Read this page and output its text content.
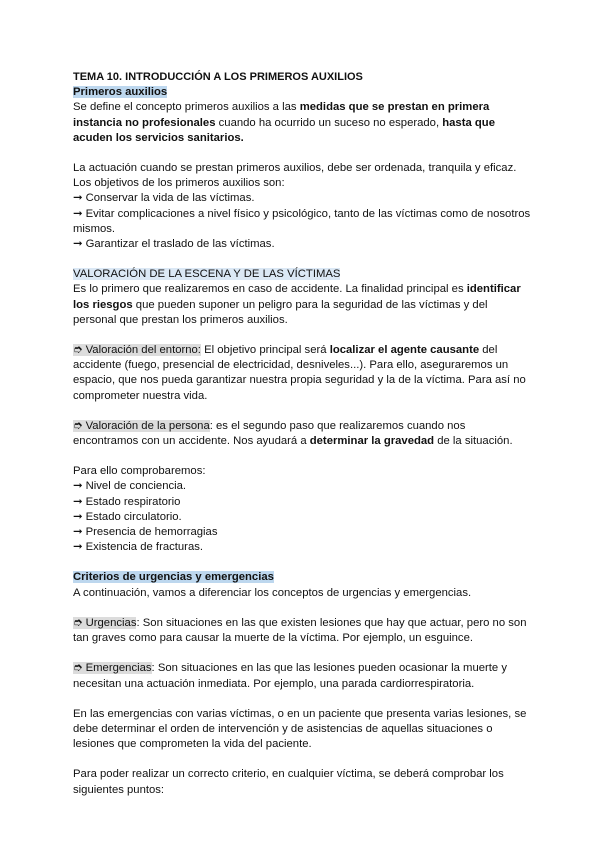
TEMA 10. INTRODUCCIÓN A LOS PRIMEROS AUXILIOS

Primeros auxilios

Se define el concepto primeros auxilios a las medidas que se prestan en primera instancia no profesionales cuando ha ocurrido un suceso no esperado, hasta que acuden los servicios sanitarios.

La actuación cuando se prestan primeros auxilios, debe ser ordenada, tranquila y eficaz.

Los objetivos de los primeros auxilios son:

➞ Conservar la vida de las víctimas.

➞ Evitar complicaciones a nivel físico y psicológico, tanto de las víctimas como de nosotros mismos.

➞ Garantizar el traslado de las víctimas.

VALORACIÓN DE LA ESCENA Y DE LAS VÍCTIMAS

Es lo primero que realizaremos en caso de accidente. La finalidad principal es identificar los riesgos que pueden suponer un peligro para la seguridad de las víctimas y del personal que prestan los primeros auxilios.

➮ Valoración del entorno: El objetivo principal será localizar el agente causante del accidente (fuego, presencial de electricidad, desniveles...). Para ello, aseguraremos un espacio, que nos pueda garantizar nuestra propia seguridad y la de la víctima. Para así no comprometer nuestra vida.

➮ Valoración de la persona: es el segundo paso que realizaremos cuando nos encontramos con un accidente. Nos ayudará a determinar la gravedad de la situación.

Para ello comprobaremos:

➞ Nivel de conciencia.

➞ Estado respiratorio

➞ Estado circulatorio.

➞ Presencia de hemorragias

➞ Existencia de fracturas.

Criterios de urgencias y emergencias

A continuación, vamos a diferenciar los conceptos de urgencias y emergencias.

➮ Urgencias: Son situaciones en las que existen lesiones que hay que actuar, pero no son tan graves como para causar la muerte de la víctima. Por ejemplo, un esguince.

➮ Emergencias: Son situaciones en las que las lesiones pueden ocasionar la muerte y necesitan una actuación inmediata. Por ejemplo, una parada cardiorrespiratoria.

En las emergencias con varias víctimas, o en un paciente que presenta varias lesiones, se debe determinar el orden de intervención y de asistencias de aquellas situaciones o lesiones que comprometen la vida del paciente.

Para poder realizar un correcto criterio, en cualquier víctima, se deberá comprobar los siguientes puntos:
